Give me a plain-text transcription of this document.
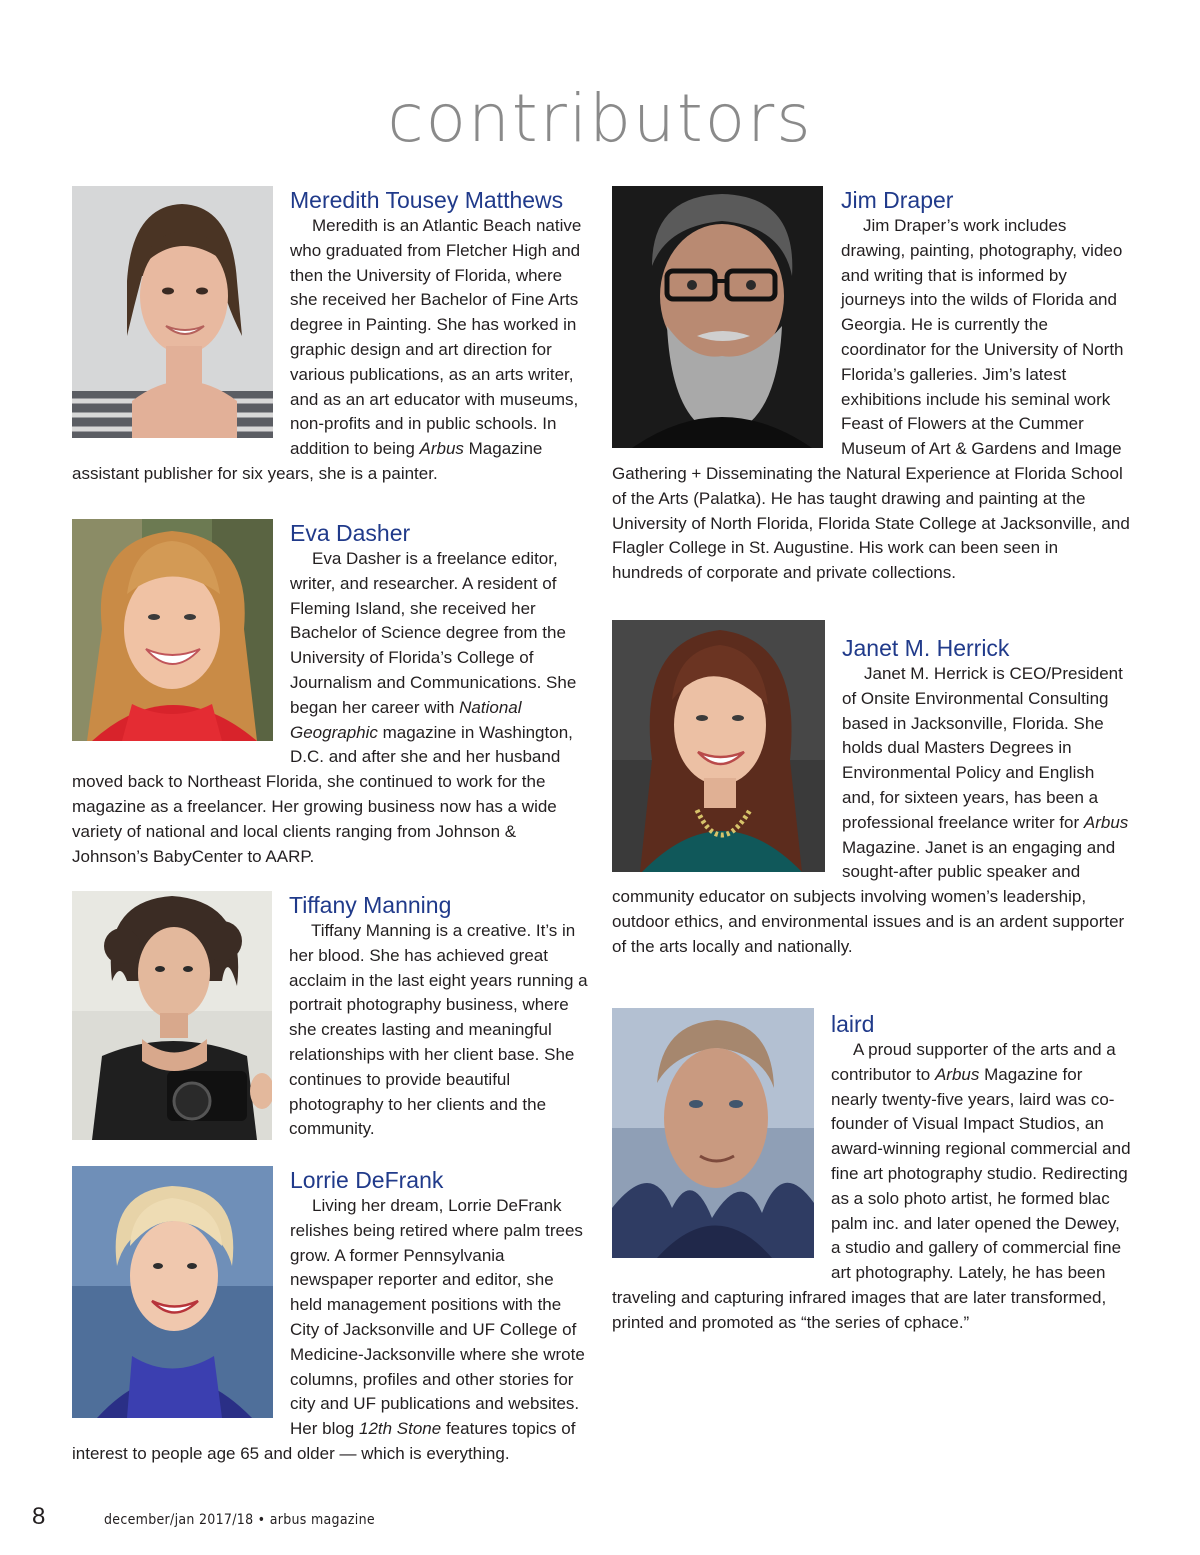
contributors
Meredith Tousey Matthews
Meredith is an Atlantic Beach native who graduated from Fletcher High and then the University of Florida, where she received her Bachelor of Fine Arts degree in Painting. She has worked in graphic design and art direction for various publications, as an arts writer, and as an art educator with museums, non-profits and in public schools. In addition to being Arbus Magazine assistant publisher for six years, she is a painter.
Eva Dasher
Eva Dasher is a freelance editor, writer, and researcher. A resident of Fleming Island, she received her Bachelor of Science degree from the University of Florida’s College of Journalism and Communications. She began her career with National Geographic magazine in Washington, D.C. and after she and her husband moved back to Northeast Florida, she continued to work for the magazine as a freelancer. Her growing business now has a wide variety of national and local clients ranging from Johnson & Johnson’s BabyCenter to AARP.
Tiffany Manning
Tiffany Manning is a creative. It’s in her blood. She has achieved great acclaim in the last eight years running a portrait photography business, where she creates lasting and meaningful relationships with her client base. She continues to provide beautiful photography to her clients and the community.
Lorrie DeFrank
Living her dream, Lorrie DeFrank relishes being retired where palm trees grow. A former Pennsylvania newspaper reporter and editor, she held management positions with the City of Jacksonville and UF College of Medicine-Jacksonville where she wrote columns, profiles and other stories for city and UF publications and websites. Her blog 12th Stone features topics of interest to people age 65 and older — which is everything.
Jim Draper
Jim Draper’s work includes drawing, painting, photography, video and writing that is informed by journeys into the wilds of Florida and Georgia. He is currently the coordinator for the University of North Florida’s galleries. Jim’s latest exhibitions include his seminal work Feast of Flowers at the Cummer Museum of Art & Gardens and Image Gathering + Disseminating the Natural Experience at Florida School of the Arts (Palatka). He has taught drawing and painting at the University of North Florida, Florida State College at Jacksonville, and Flagler College in St. Augustine. His work can been seen in hundreds of corporate and private collections.
Janet M. Herrick
Janet M. Herrick is CEO/President of Onsite Environmental Consulting based in Jacksonville, Florida. She holds dual Masters Degrees in Environmental Policy and English and, for sixteen years, has been a professional freelance writer for Arbus Magazine. Janet is an engaging and sought-after public speaker and community educator on subjects involving women’s leadership, outdoor ethics, and environmental issues and is an ardent supporter of the arts locally and nationally.
laird
A proud supporter of the arts and a contributor to Arbus Magazine for nearly twenty-five years, laird was co-founder of Visual Impact Studios, an award-winning regional commercial and fine art photography studio. Redirecting as a solo photo artist, he formed blac palm inc. and later opened the Dewey, a studio and gallery of commercial fine art photography. Lately, he has been traveling and capturing infrared images that are later transformed, printed and promoted as “the series of cphace.”
8	december/jan 2017/18 • arbus magazine
